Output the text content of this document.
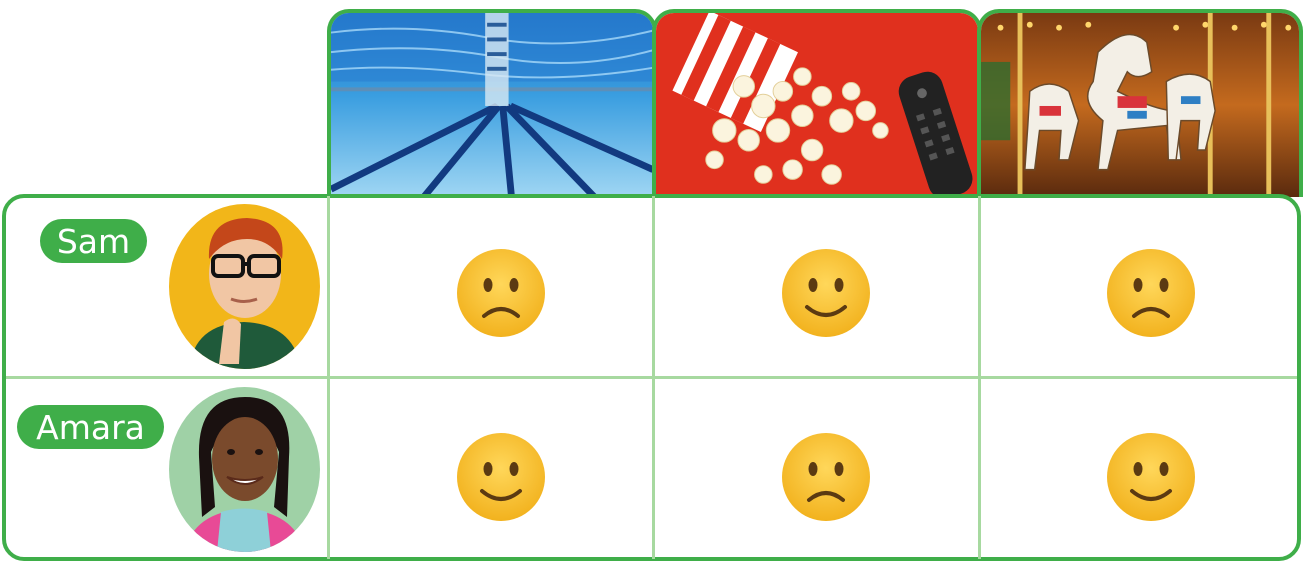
Sam
Amara
